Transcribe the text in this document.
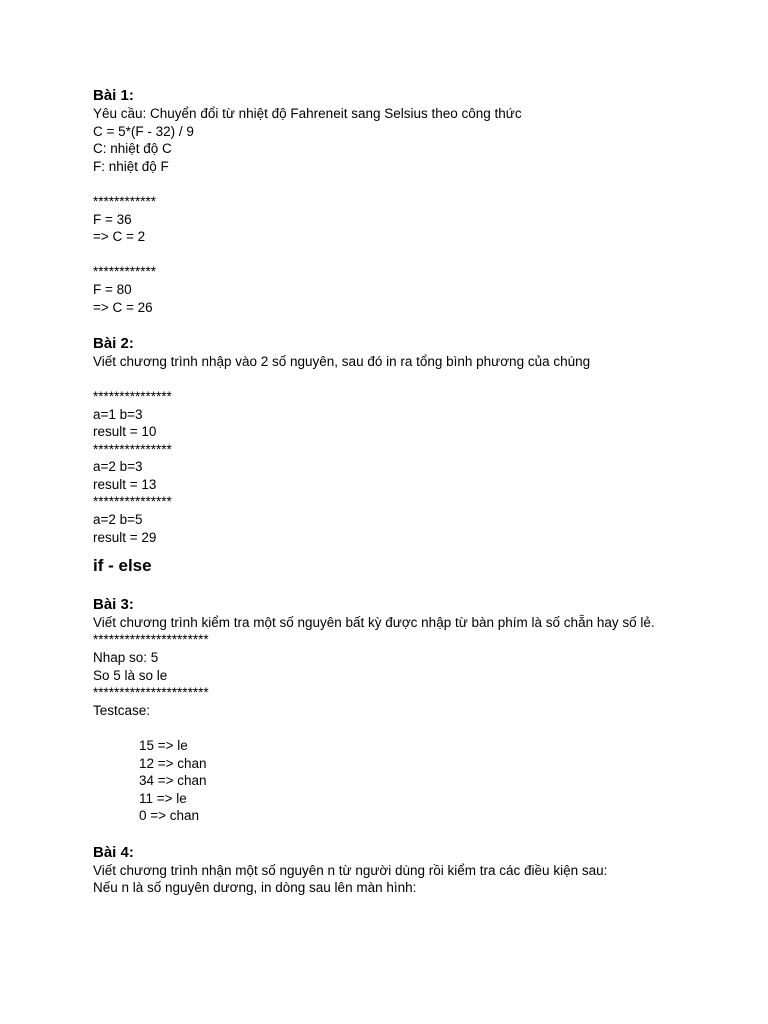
Bài 1:
Yêu cầu: Chuyển đổi từ nhiệt độ Fahreneit sang Selsius theo công thức
C = 5*(F - 32) / 9
C: nhiệt độ C
F: nhiệt độ F
************
F = 36
=> C = 2
************
F = 80
=> C = 26
Bài 2:
Viết chương trình nhập vào 2 số nguyên, sau đó in ra tổng bình phương của chúng
***************
a=1 b=3
result = 10
***************
a=2 b=3
result = 13
***************
a=2 b=5
result = 29
if - else
Bài 3:
Viết chương trình kiểm tra một số nguyên bất kỳ được nhập từ bàn phím là số chẵn hay số lẻ.
**********************
Nhap so: 5
So 5 là so le
**********************
Testcase:
15 => le
12 => chan
34 => chan
11 => le
0 => chan
Bài 4:
Viết chương trình nhận một số nguyên n từ người dùng rồi kiểm tra các điều kiện sau:
Nếu n là số nguyên dương, in dòng sau lên màn hình:
